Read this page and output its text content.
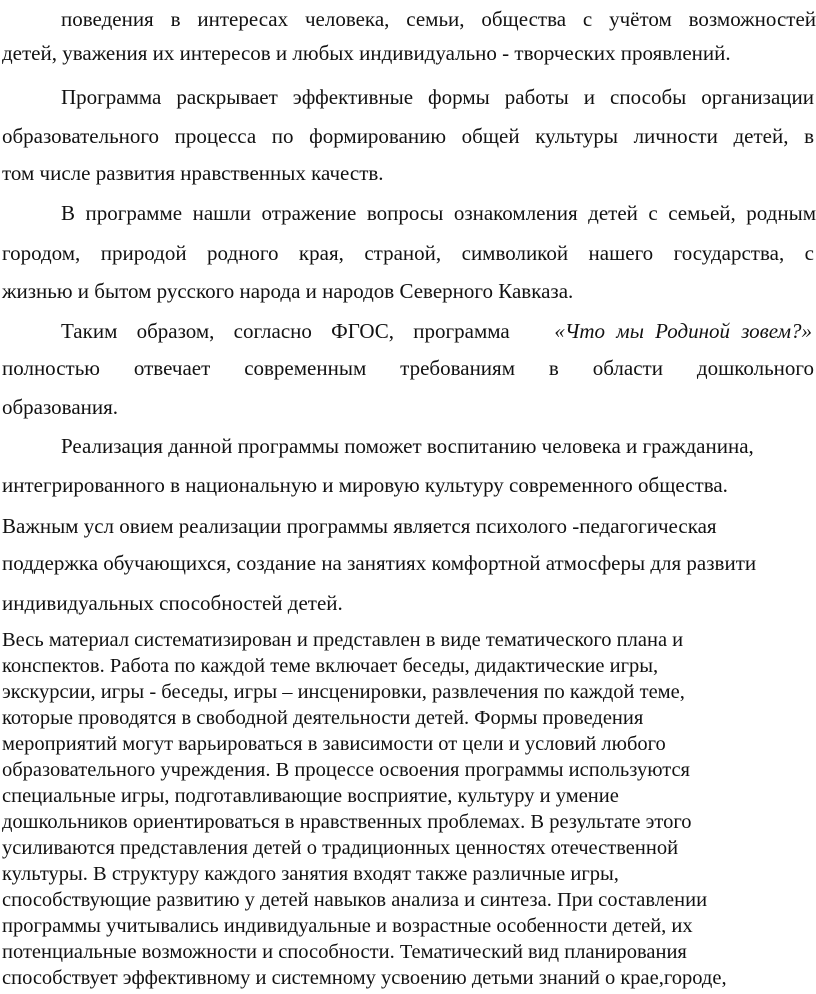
поведения в интересах человека, семьи, общества с учётом возможностей
детей, уважения их интересов и любых индивидуально - творческих проявлений.
Программа раскрывает эффективные формы работы и способы организации
образовательного процесса по формированию общей культуры личности детей, в
том числе развития нравственных качеств.
В программе нашли отражение вопросы ознакомления детей с семьей, родным
городом, природой родного края, страной, символикой нашего государства, с
жизнью и бытом русского народа и народов Северного Кавказа.
Таким образом, согласно ФГОС, программа «Что мы Родиной зовем?»
полностью отвечает современным требованиям в области дошкольного
образования.
Реализация данной программы поможет воспитанию человека и гражданина,
интегрированного в национальную и мировую культуру современного общества.
Важным усл овием реализации программы является психолого -педагогическая
поддержка обучающихся, создание на занятиях комфортной атмосферы для развити
индивидуальных способностей детей.
Весь материал систематизирован и представлен в виде тематического плана и
конспектов. Работа по каждой теме включает беседы, дидактические игры,
экскурсии, игры - беседы, игры – инсценировки, развлечения по каждой теме,
которые проводятся в свободной деятельности детей. Формы проведения
мероприятий могут варьироваться в зависимости от цели и условий любого
образовательного учреждения. В процессе освоения программы используются
специальные игры, подготавливающие восприятие, культуру и умение
дошкольников ориентироваться в нравственных проблемах. В результате этого
усиливаются представления детей о традиционных ценностях отечественной
культуры. В структуру каждого занятия входят также различные игры,
способствующие развитию у детей навыков анализа и синтеза. При составлении
программы учитывались индивидуальные и возрастные особенности детей, их
потенциальные возможности и способности. Тематический вид планирования
способствует эффективному и системному усвоению детьми знаний о крае,городе,
